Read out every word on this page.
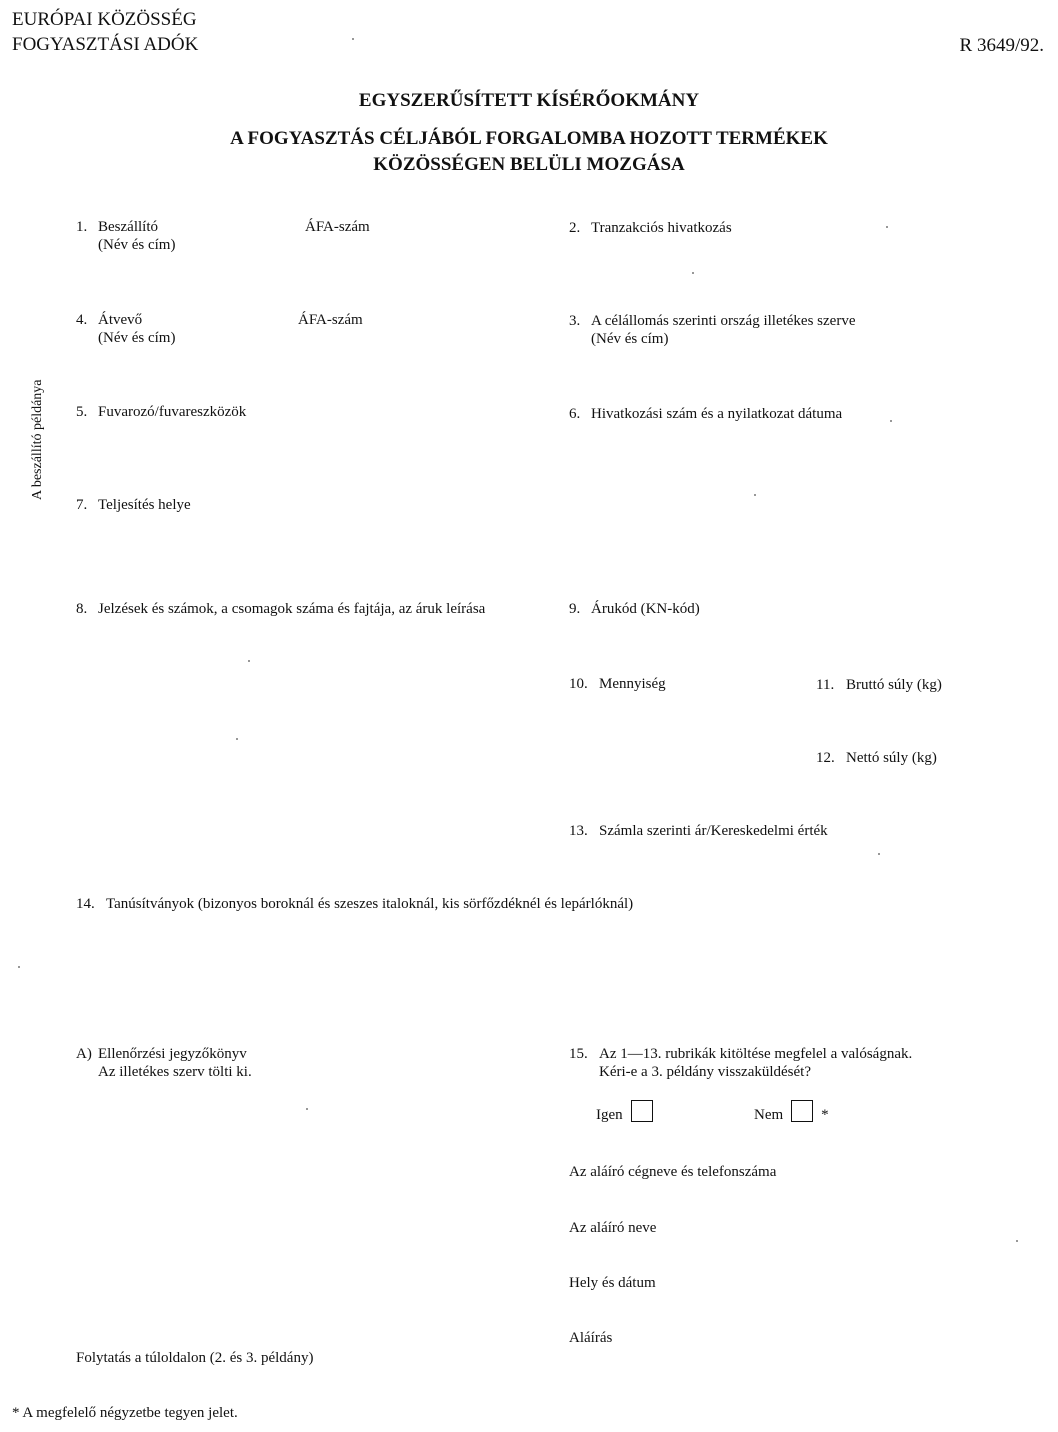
EURÓPAI KÖZÖSSÉG
FOGYASZTÁSI ADÓK	R 3649/92.
EGYSZERŰSÍTETT KÍSÉRŐOKMÁNY
A FOGYASZTÁS CÉLJÁBÓL FORGALOMBA HOZOTT TERMÉKEK
KÖZÖSSÉGEN BELÜLI MOZGÁSA
A beszállító példánya
1. Beszállító
(Név és cím)
ÁFA-szám
4. Átvevő
(Név és cím)
ÁFA-szám
5. Fuvarozó/fuvareszközök
7. Teljesítés helye
8. Jelzések és számok, a csomagok száma és fajtája, az áruk leírása
14. Tanúsítványok (bizonyos boroknál és szeszes italoknál, kis sörfőzdéknél és lepárlóknál)
A) Ellenőrzési jegyzőkönyv
Az illetékes szerv tölti ki.
Folytatás a túloldalon (2. és 3. példány)
2. Tranzakciós hivatkozás
3. A célállomás szerinti ország illetékes szerve
(Név és cím)
6. Hivatkozási szám és a nyilatkozat dátuma
9. Árukód (KN-kód)
10. Mennyiség	11. Bruttó súly (kg)
12. Nettó súly (kg)
13. Számla szerinti ár/Kereskedelmi érték
15. Az 1—13. rubrikák kitöltése megfelel a valóságnak.
Kéri-e a 3. példány visszaküldését?
Igen	Nem	*
Az aláíró cégneve és telefonszáma
Az aláíró neve
Hely és dátum
Aláírás
* A megfelelő négyzetbe tegyen jelet.
